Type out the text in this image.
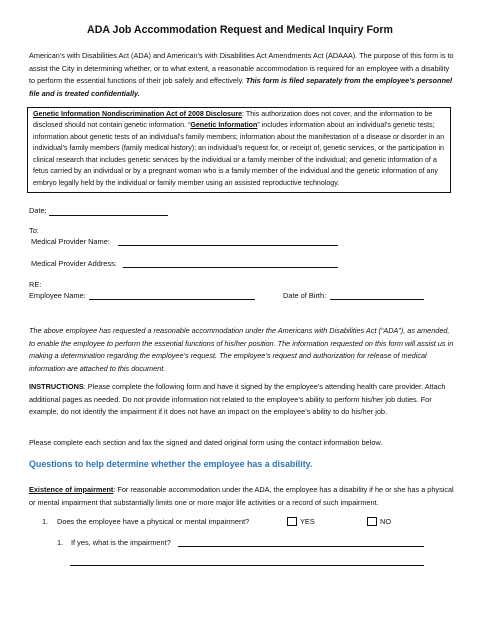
ADA Job Accommodation Request and Medical Inquiry Form
American’s with Disabilities Act (ADA) and American’s with Disabilities Act Amendments Act (ADAAA). The purpose of this form is to assist the City in determining whether, or to what extent, a reasonable accommodation is required for an employee with a disability to perform the essential functions of their job safely and effectively. This form is filed separately from the employee’s personnel file and is treated confidentially.
Genetic Information Nondiscrimination Act of 2008 Disclosure: This authorization does not cover, and the information to be disclosed should not contain genetic information. “Genetic Information” includes information about an individual’s genetic tests; information about genetic tests of an individual’s family members; information about the manifestation of a disease or disorder in an individual’s family members (family medical history); an individual’s request for, or receipt of, genetic services, or the participation in clinical research that includes genetic services by the individual or a family member of the individual; and genetic information of a fetus carried by an individual or by a pregnant woman who is a family member of the individual and the genetic information of any embryo legally held by the individual or family member using an assisted reproductive technology.
Date:
To:
Medical Provider Name:
Medical Provider Address:
RE:
Employee Name:	Date of Birth:
The above employee has requested a reasonable accommodation under the Americans with Disabilities Act (“ADA”), as amended, to enable the employee to perform the essential functions of his/her position. The information requested on this form will assist us in making a determination regarding the employee’s request. The employee’s request and authorization for release of medical information are attached to this document.
INSTRUCTIONS: Please complete the following form and have it signed by the employee’s attending health care provider. Attach additional pages as needed. Do not provide information not related to the employee’s ability to perform his/her job duties. For example, do not identify the impairment if it does not have an impact on the employee’s ability to do his/her job.
Please complete each section and fax the signed and dated original form using the contact information below.
Questions to help determine whether the employee has a disability.
Existence of impairment: For reasonable accommodation under the ADA, the employee has a disability if he or she has a physical or mental impairment that substantially limits one or more major life activities or a record of such impairment.
1. Does the employee have a physical or mental impairment?	YES	NO
1. If yes, what is the impairment?
